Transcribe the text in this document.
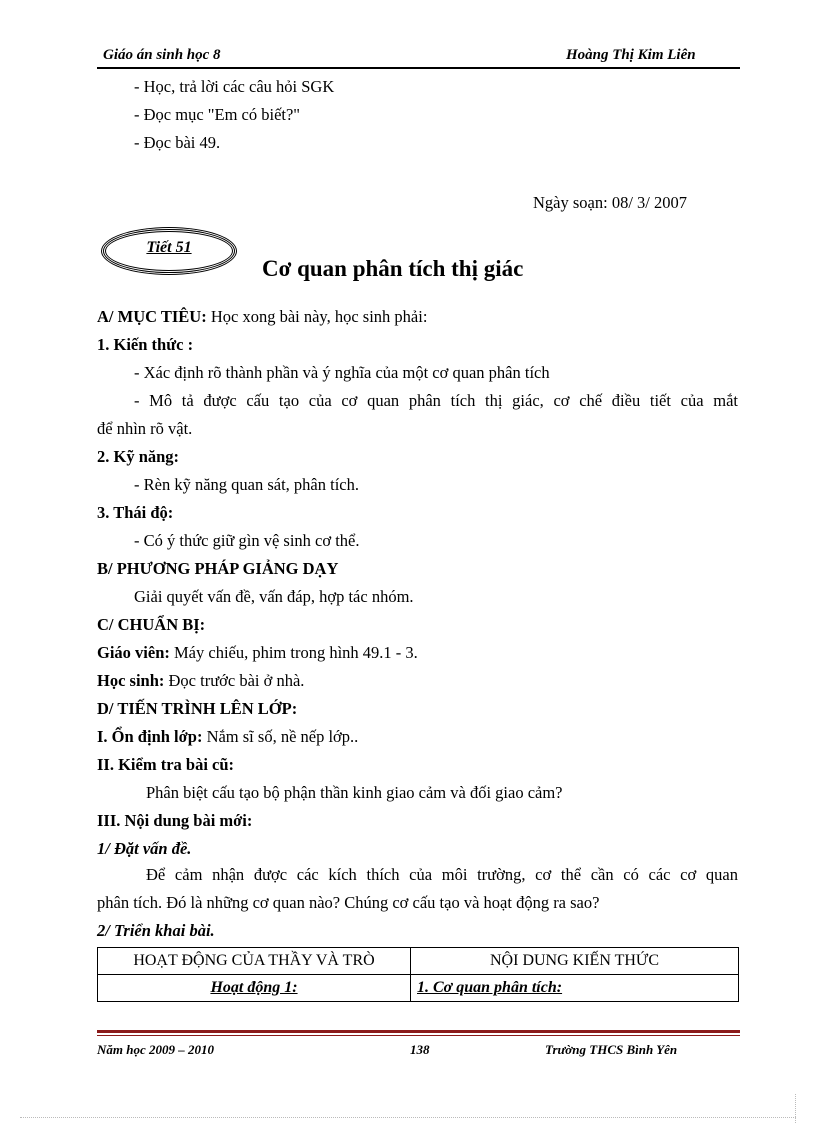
Giáo án sinh học 8	Hoàng Thị Kim Liên
- Học, trả lời các câu hỏi SGK
- Đọc mục "Em có biết?"
- Đọc bài 49.
Ngày soạn: 08/ 3/ 2007
Tiết 51
Cơ quan phân tích thị giác
A/ MỤC TIÊU: Học xong bài này, học sinh phải:
1. Kiến thức :
- Xác định rõ thành phần và ý nghĩa của một cơ quan phân tích
- Mô tả được cấu tạo của cơ quan phân tích thị giác, cơ chế điều tiết của mắt
để nhìn rõ vật.
2. Kỹ năng:
- Rèn kỹ năng quan sát, phân tích.
3. Thái độ:
- Có ý thức giữ gìn vệ sinh cơ thể.
B/ PHƯƠNG PHÁP GIẢNG DẠY
Giải quyết vấn đề, vấn đáp, hợp tác nhóm.
C/ CHUẨN BỊ:
Giáo viên: Máy chiếu, phim trong hình 49.1 - 3.
Học sinh: Đọc trước bài ở nhà.
D/ TIẾN TRÌNH LÊN LỚP:
I. Ổn định lớp: Nắm sĩ số, nề nếp lớp..
II. Kiểm tra bài cũ:
Phân biệt cấu tạo bộ phận thần kinh giao cảm và đối giao cảm?
III. Nội dung bài mới:
1/ Đặt vấn đề.
Để cảm nhận được các kích thích của môi trường, cơ thể cần có các cơ quan
phân tích. Đó là những cơ quan nào? Chúng cơ cấu tạo và hoạt động ra sao?
2/ Triển khai bài.
HOẠT ĐỘNG CỦA THẦY VÀ TRÒ	NỘI DUNG KIẾN THỨC
Hoạt động 1:	1. Cơ quan phân tích:
Năm học 2009 – 2010	138	Trường THCS Bình Yên
